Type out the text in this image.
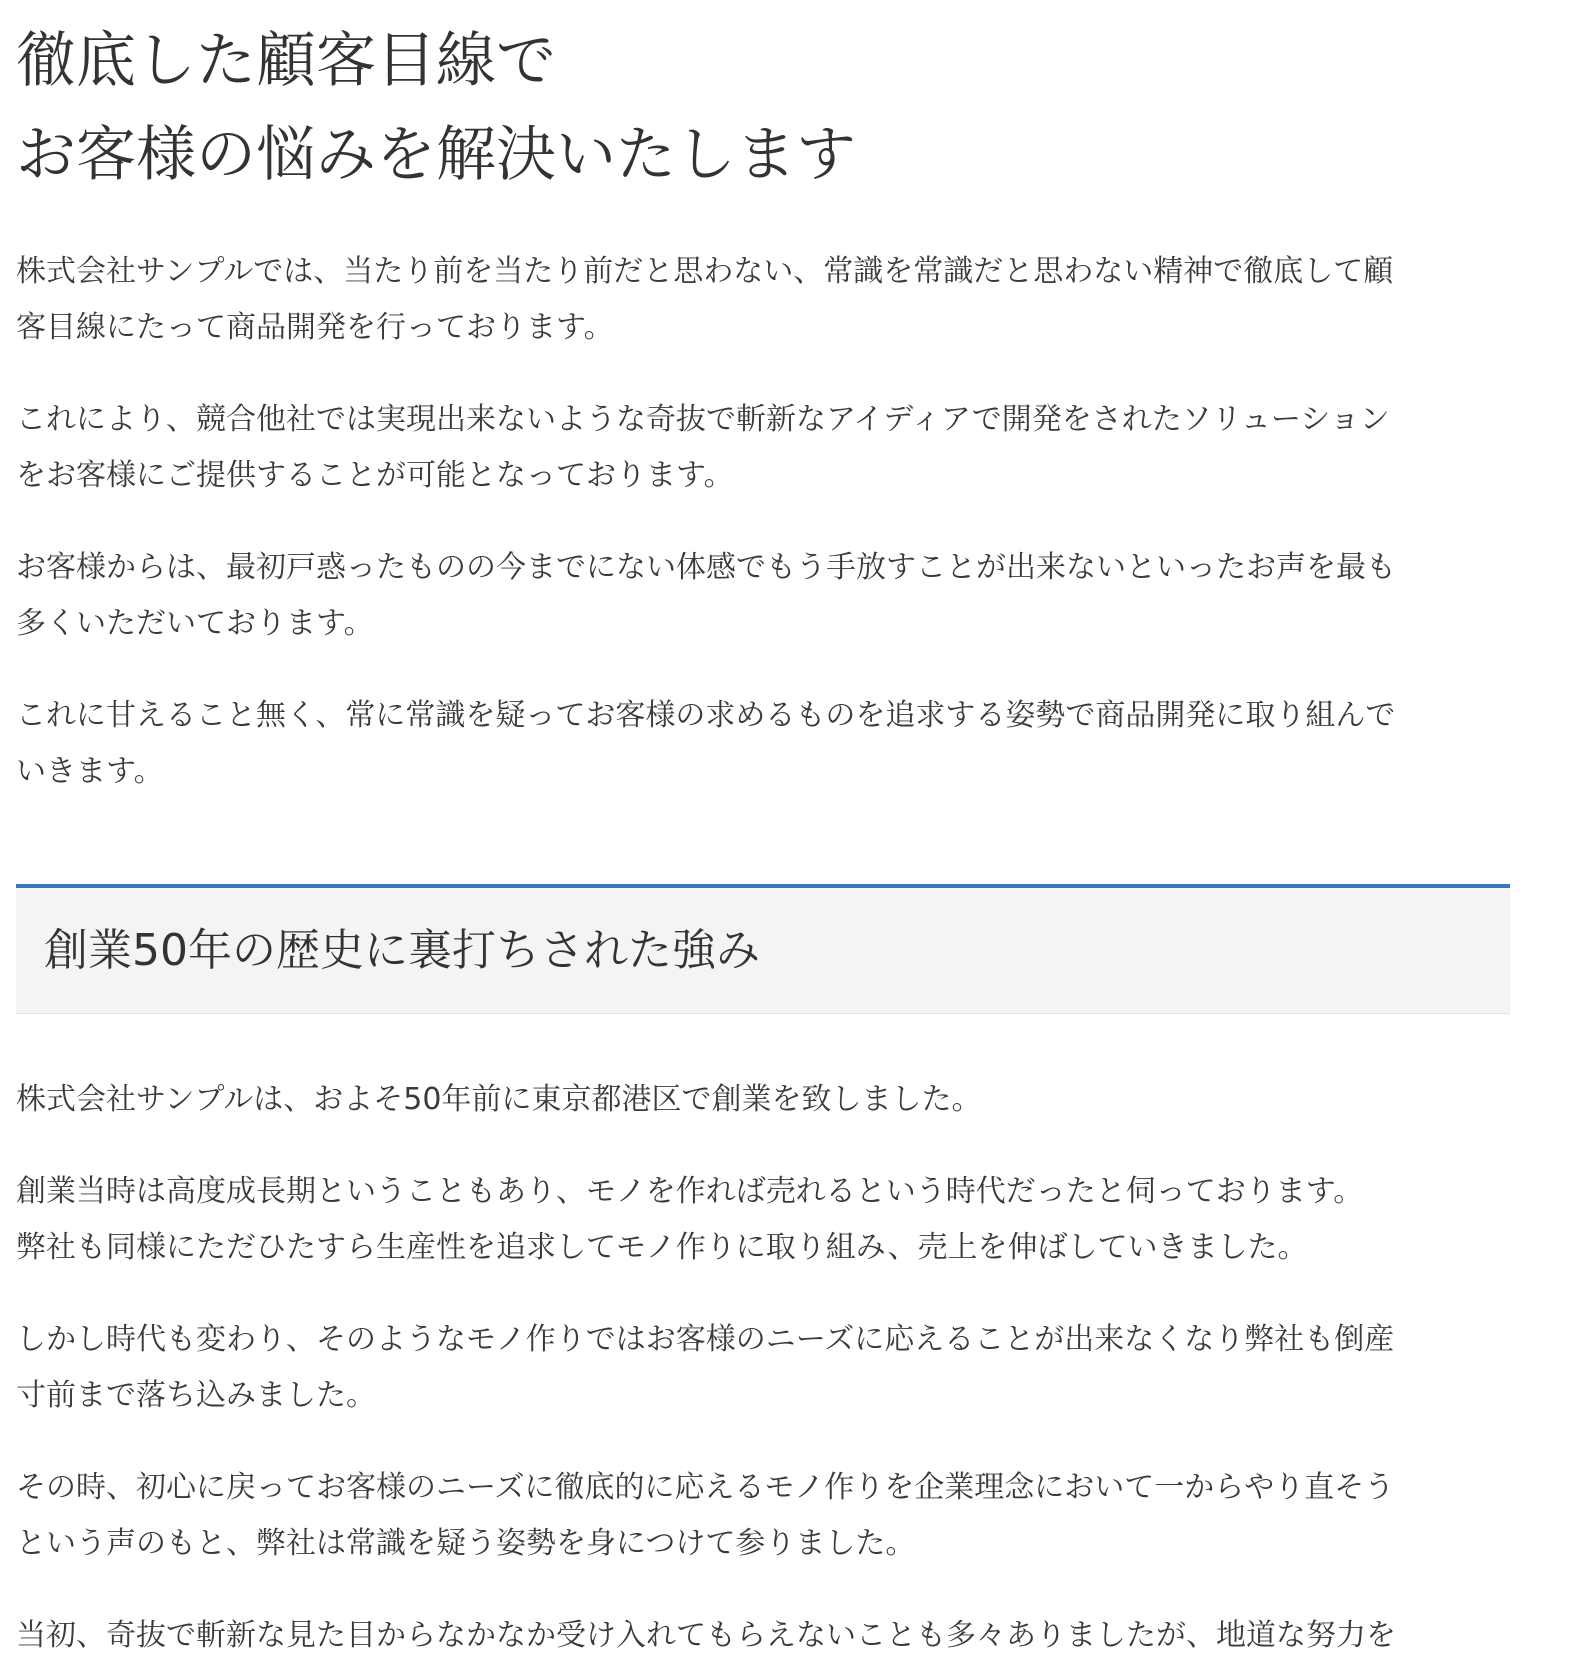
徹底した顧客目線で
お客様の悩みを解決いたします

株式会社サンプルでは、当たり前を当たり前だと思わない、常識を常識だと思わない精神で徹底して顧
客目線にたって商品開発を行っております。

これにより、競合他社では実現出来ないような奇抜で斬新なアイディアで開発をされたソリューション
をお客様にご提供することが可能となっております。

お客様からは、最初戸惑ったものの今までにない体感でもう手放すことが出来ないといったお声を最も
多くいただいております。

これに甘えること無く、常に常識を疑ってお客様の求めるものを追求する姿勢で商品開発に取り組んで
いきます。

創業50年の歴史に裏打ちされた強み

株式会社サンプルは、およそ50年前に東京都港区で創業を致しました。

創業当時は高度成長期ということもあり、モノを作れば売れるという時代だったと伺っております。
弊社も同様にただひたすら生産性を追求してモノ作りに取り組み、売上を伸ばしていきました。

しかし時代も変わり、そのようなモノ作りではお客様のニーズに応えることが出来なくなり弊社も倒産
寸前まで落ち込みました。

その時、初心に戻ってお客様のニーズに徹底的に応えるモノ作りを企業理念において一からやり直そう
という声のもと、弊社は常識を疑う姿勢を身につけて参りました。

当初、奇抜で斬新な見た目からなかなか受け入れてもらえないことも多々ありましたが、地道な努力を
